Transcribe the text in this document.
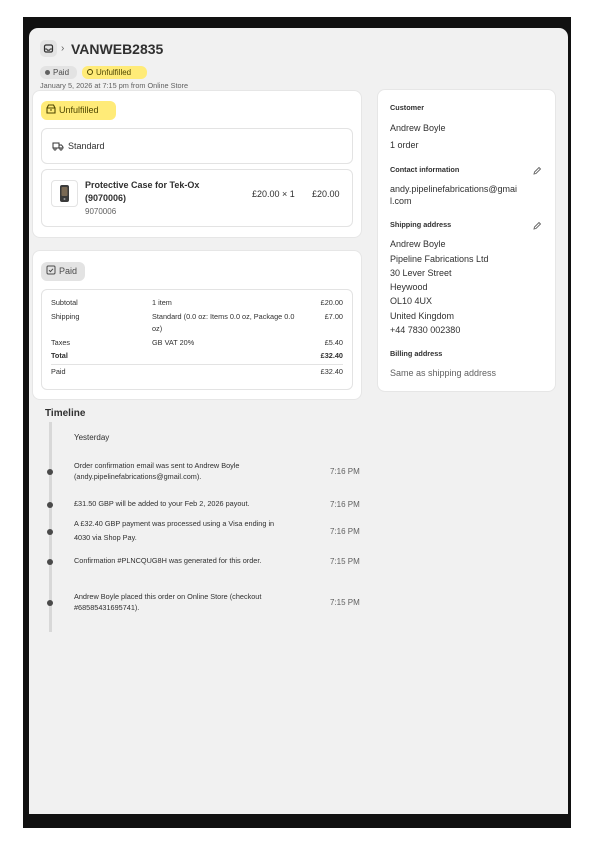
› VANWEB2835
Paid	Unfulfilled
January 5, 2026 at 7:15 pm from Online Store
Unfulfilled
Standard
Protective Case for Tek-Ox
(9070006)
9070006
£20.00 × 1 £20.00
Paid
Subtotal	1 item	£20.00
Shipping	Standard (0.0 oz: Items 0.0 oz, Package 0.0
oz)
£7.00
Taxes	GB VAT 20%	£5.40
Total	£32.40
Paid	£32.40
Timeline
Yesterday
Order confirmation email was sent to Andrew Boyle
(andy.pipelinefabrications@gmail.com).
7:16 PM
£31.50 GBP will be added to your Feb 2, 2026 payout.	7:16 PM
A £32.40 GBP payment was processed using a Visa ending in
4030 via Shop Pay.
7:16 PM
Confirmation #PLNCQUG8H was generated for this order.	7:15 PM
Andrew Boyle placed this order on Online Store (checkout
#68585431695741).
7:15 PM
Customer
Andrew Boyle
1 order
Contact information
andy.pipelinefabrications@gmai
l.com
Shipping address
Andrew Boyle
Pipeline Fabrications Ltd
30 Lever Street
Heywood
OL10 4UX
United Kingdom
+44 7830 002380
Billing address
Same as shipping address
